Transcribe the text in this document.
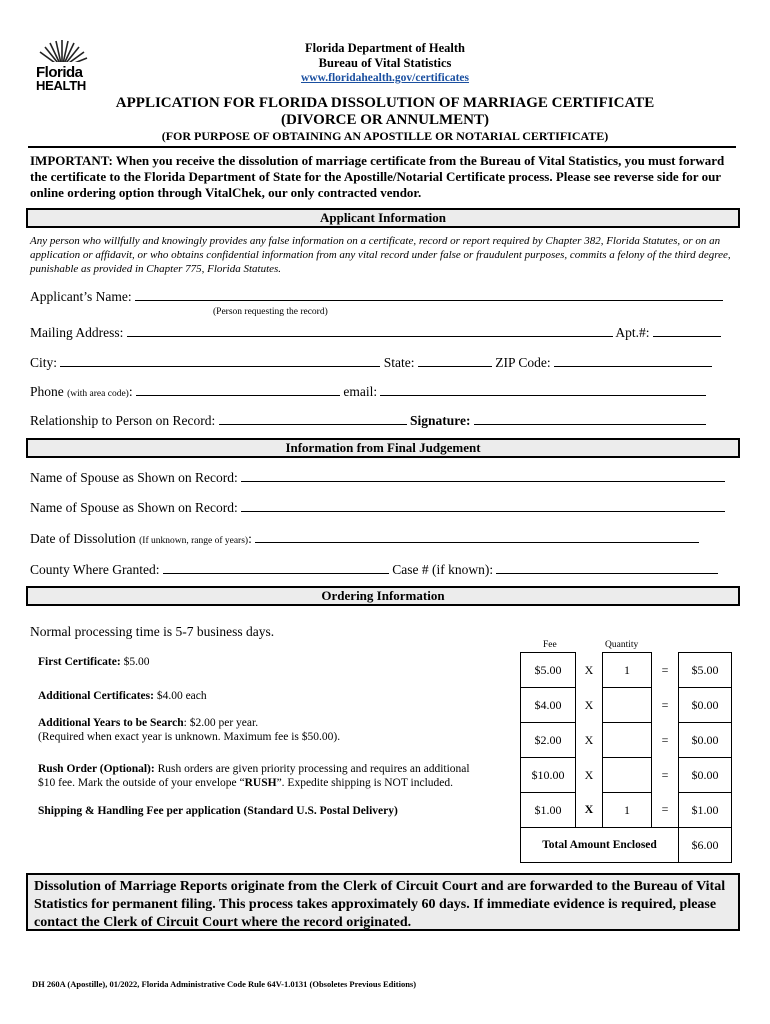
Florida
HEALTH
Florida Department of Health
Bureau of Vital Statistics
www.floridahealth.gov/certificates
APPLICATION FOR FLORIDA DISSOLUTION OF MARRIAGE CERTIFICATE
(DIVORCE OR ANNULMENT)
(FOR PURPOSE OF OBTAINING AN APOSTILLE OR NOTARIAL CERTIFICATE)
IMPORTANT: When you receive the dissolution of marriage certificate from the Bureau of Vital Statistics, you must forward the certificate to the Florida Department of State for the Apostille/Notarial Certificate process. Please see reverse side for our online ordering option through VitalChek, our only contracted vendor.
Applicant Information
Any person who willfully and knowingly provides any false information on a certificate, record or report required by Chapter 382, Florida Statutes, or on an application or affidavit, or who obtains confidential information from any vital record under false or fraudulent purposes, commits a felony of the third degree, punishable as provided in Chapter 775, Florida Statutes.
Applicant’s Name:
(Person requesting the record)
Mailing Address:	Apt.#:
City:	State:	ZIP Code:
Phone (with area code):	email:
Relationship to Person on Record:	Signature:
Information from Final Judgement
Name of Spouse as Shown on Record:
Name of Spouse as Shown on Record:
Date of Dissolution (If unknown, range of years):
County Where Granted:	Case # (if known):
Ordering Information
Normal processing time is 5-7 business days.
Fee	Quantity
First Certificate: $5.00
Additional Certificates: $4.00 each
Additional Years to be Search: $2.00 per year.
(Required when exact year is unknown. Maximum fee is $50.00).
Rush Order (Optional): Rush orders are given priority processing and requires an additional
$10 fee. Mark the outside of your envelope “RUSH”. Expedite shipping is NOT included.
Shipping & Handling Fee per application (Standard U.S. Postal Delivery)
$5.00	X	1	=	$5.00
$4.00	X		=	$0.00
$2.00	X		=	$0.00
$10.00	X		=	$0.00
$1.00	X	1	=	$1.00
Total Amount Enclosed				$6.00
Dissolution of Marriage Reports originate from the Clerk of Circuit Court and are forwarded to the Bureau of Vital Statistics for permanent filing. This process takes approximately 60 days. If immediate evidence is required, please contact the Clerk of Circuit Court where the record originated.
DH 260A (Apostille), 01/2022, Florida Administrative Code Rule 64V-1.0131 (Obsoletes Previous Editions)
